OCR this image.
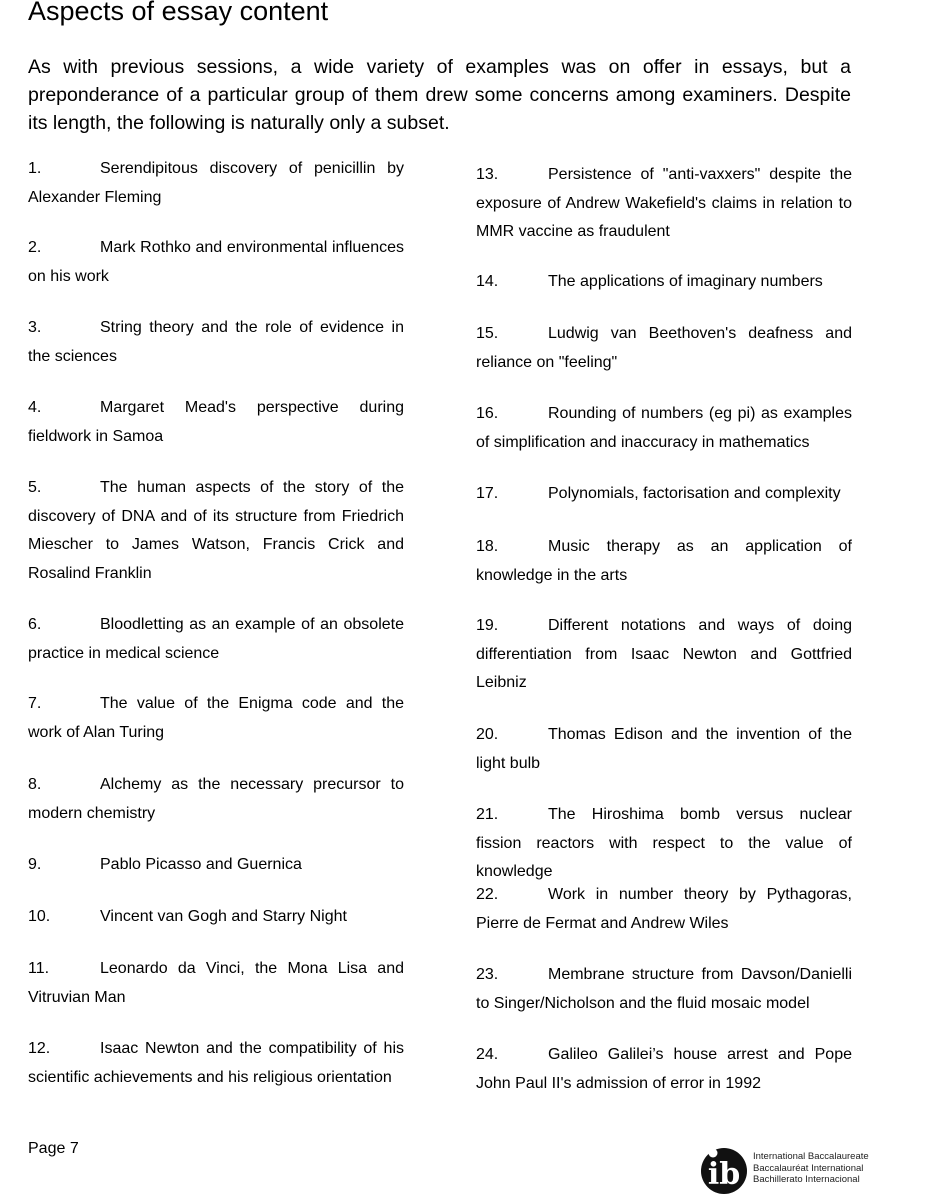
Aspects of essay content

As with previous sessions, a wide variety of examples was on offer in essays, but a preponderance of a particular group of them drew some concerns among examiners. Despite its length, the following is naturally only a subset.

1.	Serendipitous discovery of penicillin by Alexander Fleming

2.	Mark Rothko and environmental influences on his work

3.	String theory and the role of evidence in the sciences

4.	Margaret Mead's perspective during fieldwork in Samoa

5.	The human aspects of the story of the discovery of DNA and of its structure from Friedrich Miescher to James Watson, Francis Crick and Rosalind Franklin

6.	Bloodletting as an example of an obsolete practice in medical science

7.	The value of the Enigma code and the work of Alan Turing

8.	Alchemy as the necessary precursor to modern chemistry

9.	Pablo Picasso and Guernica

10.	Vincent van Gogh and Starry Night

11.	Leonardo da Vinci, the Mona Lisa and Vitruvian Man

12.	Isaac Newton and the compatibility of his scientific achievements and his religious orientation

13.	Persistence of "anti-vaxxers" despite the exposure of Andrew Wakefield's claims in relation to MMR vaccine as fraudulent

14.	The applications of imaginary numbers

15.	Ludwig van Beethoven's deafness and reliance on "feeling"

16.	Rounding of numbers (eg pi) as examples of simplification and inaccuracy in mathematics

17.	Polynomials, factorisation and complexity

18.	Music therapy as an application of knowledge in the arts

19.	Different notations and ways of doing differentiation from Isaac Newton and Gottfried Leibniz

20.	Thomas Edison and the invention of the light bulb

21.	The Hiroshima bomb versus nuclear fission reactors with respect to the value of knowledge

22.	Work in number theory by Pythagoras, Pierre de Fermat and Andrew Wiles

23.	Membrane structure from Davson/Danielli to Singer/Nicholson and the fluid mosaic model

24.	Galileo Galilei’s house arrest and Pope John Paul II's admission of error in 1992

Page 7
ib
International Baccalaureate
Baccalauréat International
Bachillerato Internacional
